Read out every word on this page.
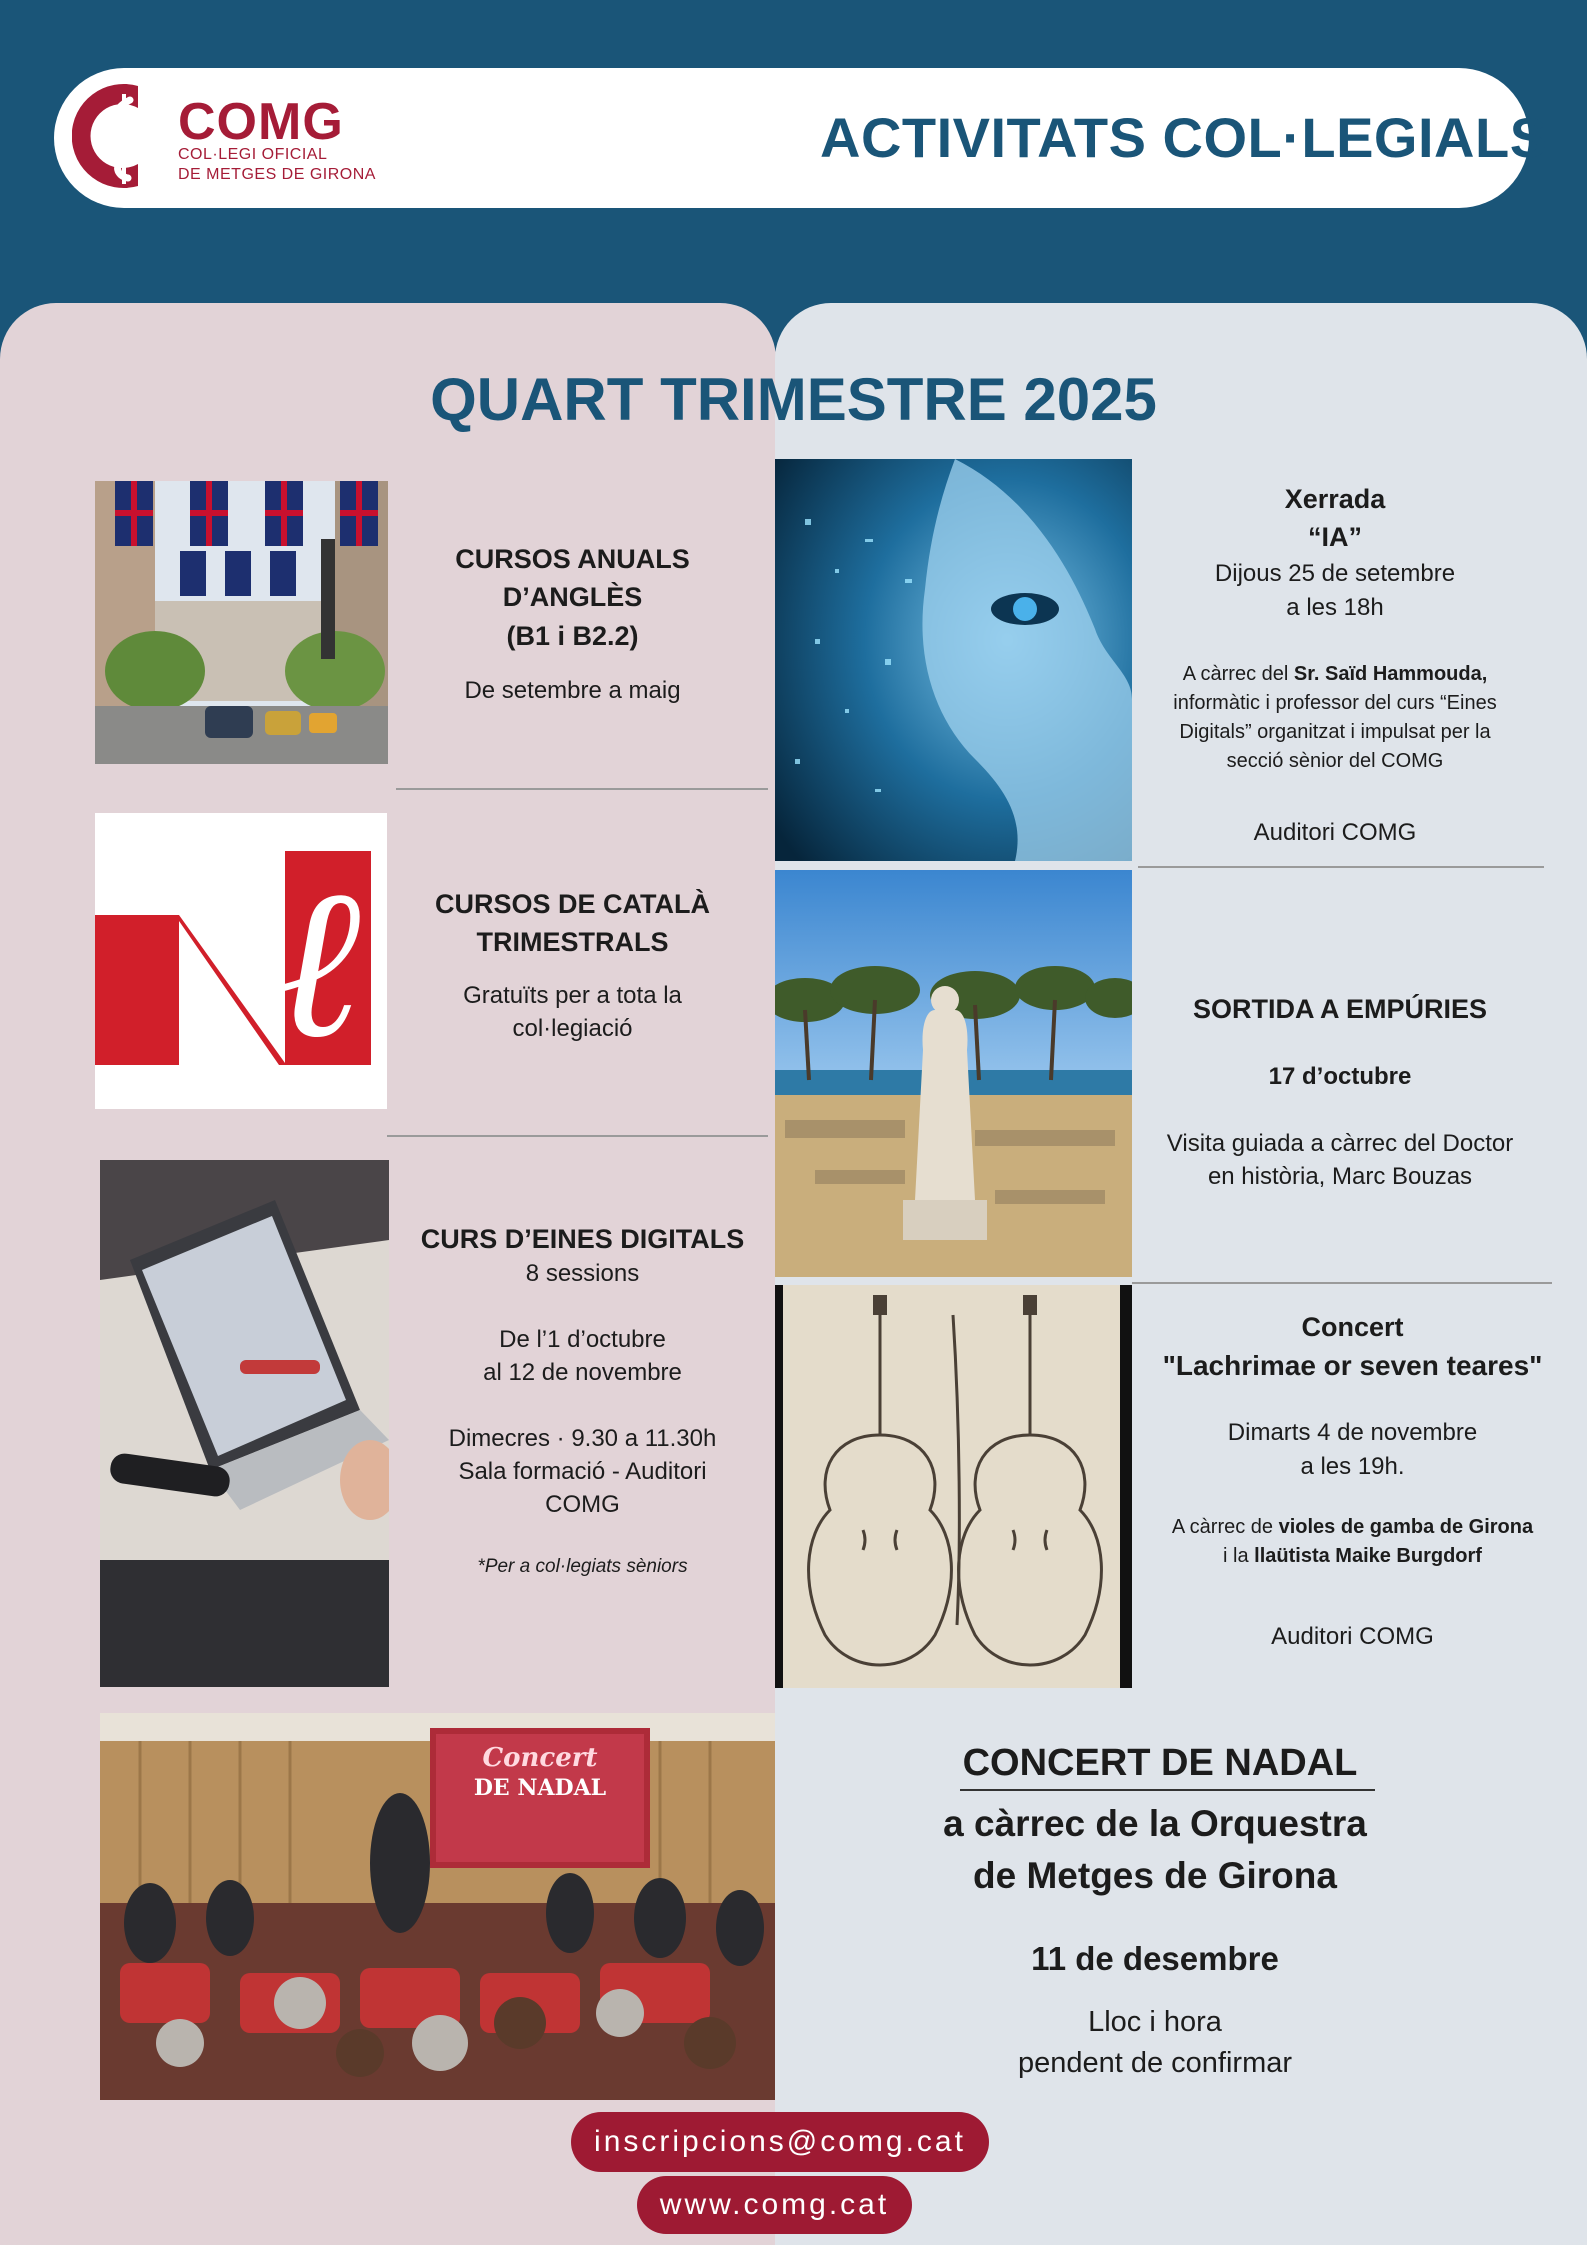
COMG
COL·LEGI OFICIAL
DE METGES DE GIRONA
ACTIVITATS COL·LEGIALS
QUART TRIMESTRE 2025
CURSOS ANUALS
D’ANGLÈS
(B1 i B2.2)
De setembre a maig
ℓ	CURSOS DE CATALÀ
TRIMESTRALS
Gratuïts per a tota la
col·legiació
CURS D’EINES DIGITALS
8 sessions
De l’1 d’octubre
al 12 de novembre
Dimecres · 9.30 a 11.30h
Sala formació - Auditori
COMG
*Per a col·legiats sèniors
Xerrada
“IA”
Dijous 25 de setembre
a les 18h
A càrrec del Sr. Saïd Hammouda,
informàtic i professor del curs “Eines
Digitals” organitzat i impulsat per la
secció sènior del COMG
Auditori COMG
SORTIDA A EMPÚRIES
17 d’octubre
Visita guiada a càrrec del Doctor
en història, Marc Bouzas
Concert
"Lachrimae or seven teares"
Dimarts 4 de novembre
a les 19h.
A càrrec de violes de gamba de Girona
i la llaütista Maike Burgdorf
Auditori COMG
Concert
DE NADAL
CONCERT DE NADAL
a càrrec de la Orquestra
de Metges de Girona
11 de desembre
Lloc i hora
pendent de confirmar
inscripcions@comg.cat
www.comg.cat
